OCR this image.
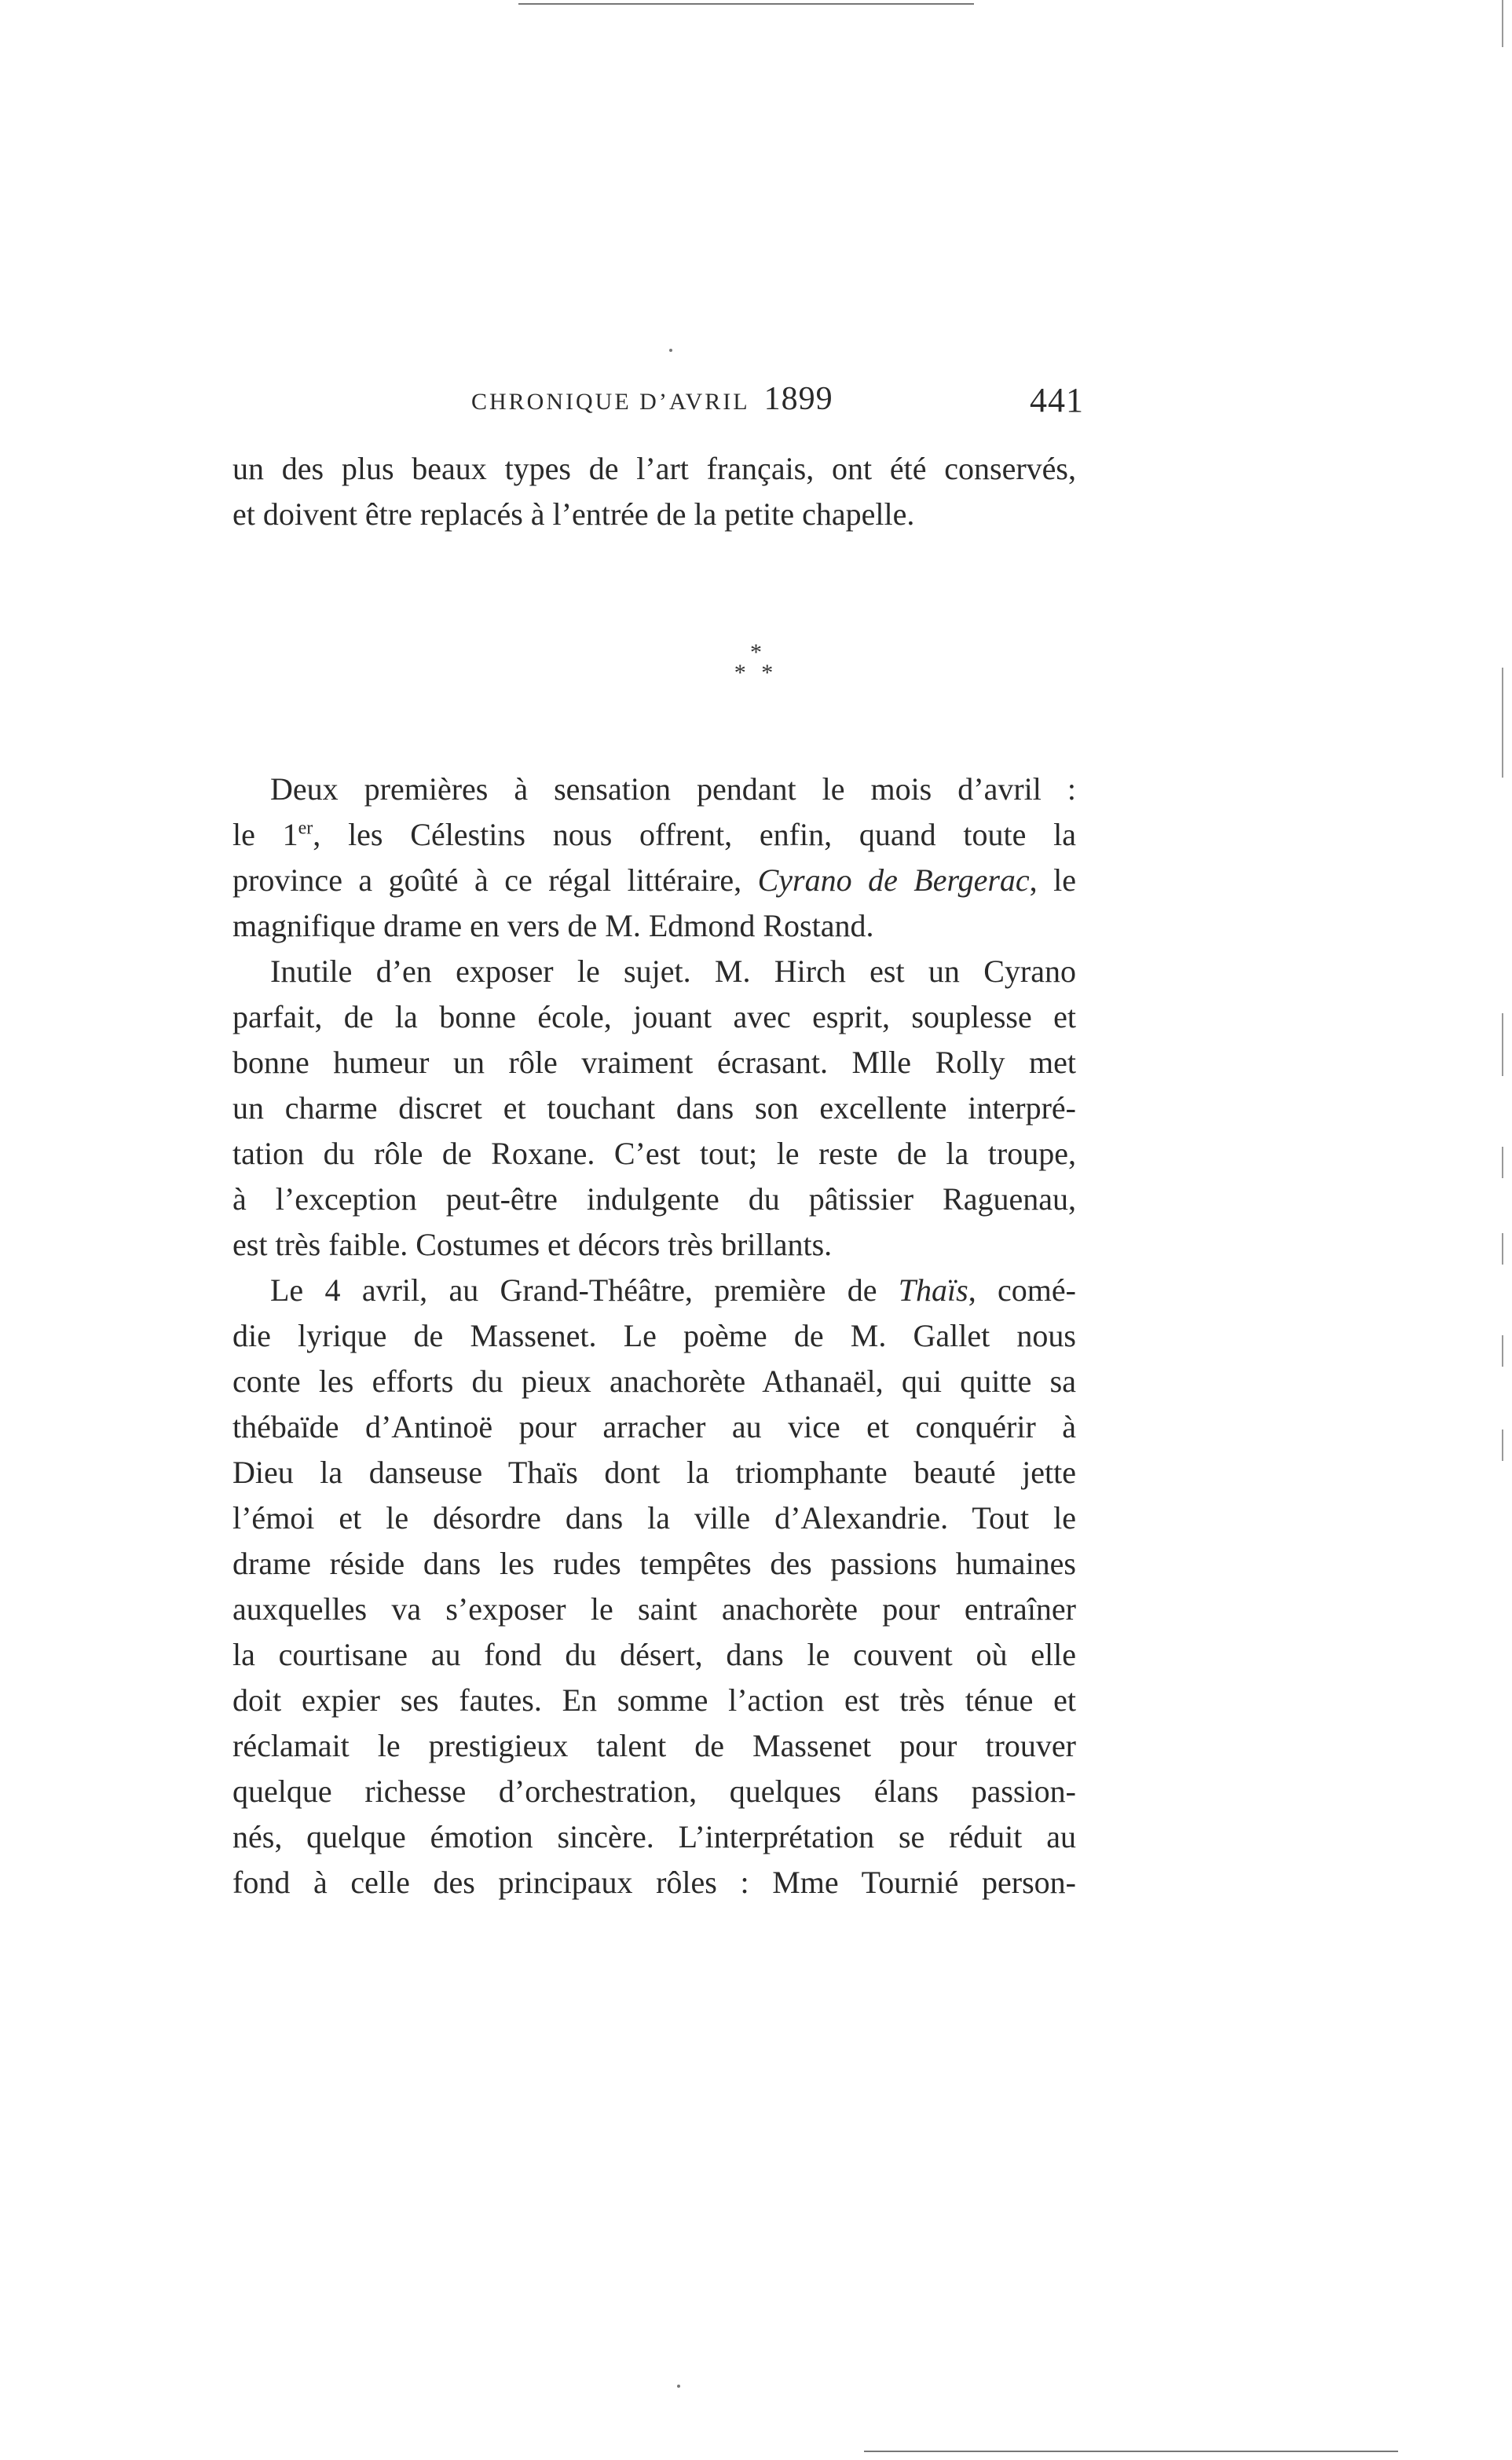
CHRONIQUE D’AVRIL 1899	441

un des plus beaux types de l’art français, ont été conservés,
et doivent être replacés à l’entrée de la petite chapelle.

*
* *

Deux premières à sensation pendant le mois d’avril :
le 1er, les Célestins nous offrent, enfin, quand toute la
province a goûté à ce régal littéraire, Cyrano de Bergerac, le
magnifique drame en vers de M. Edmond Rostand.

Inutile d’en exposer le sujet. M. Hirch est un Cyrano
parfait, de la bonne école, jouant avec esprit, souplesse et
bonne humeur un rôle vraiment écrasant. Mlle Rolly met
un charme discret et touchant dans son excellente interpré-
tation du rôle de Roxane. C’est tout; le reste de la troupe,
à l’exception peut-être indulgente du pâtissier Raguenau,
est très faible. Costumes et décors très brillants.

Le 4 avril, au Grand-Théâtre, première de Thaïs, comé-
die lyrique de Massenet. Le poème de M. Gallet nous
conte les efforts du pieux anachorète Athanaël, qui quitte sa
thébaïde d’Antinoë pour arracher au vice et conquérir à
Dieu la danseuse Thaïs dont la triomphante beauté jette
l’émoi et le désordre dans la ville d’Alexandrie. Tout le
drame réside dans les rudes tempêtes des passions humaines
auxquelles va s’exposer le saint anachorète pour entraîner
la courtisane au fond du désert, dans le couvent où elle
doit expier ses fautes. En somme l’action est très ténue et
réclamait le prestigieux talent de Massenet pour trouver
quelque richesse d’orchestration, quelques élans passion-
nés, quelque émotion sincère. L’interprétation se réduit au
fond à celle des principaux rôles : Mme Tournié person-
